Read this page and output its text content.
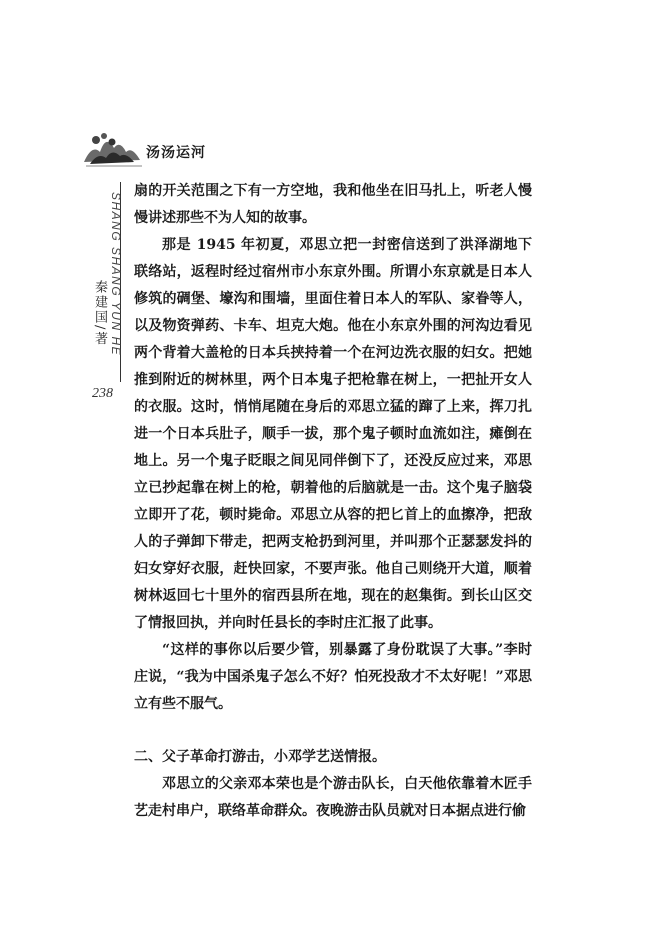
汤汤运河
SHANG SHANG YUN HE
秦建国/著
238

扇的开关范围之下有一方空地，我和他坐在旧马扎上，听老人慢慢讲述那些不为人知的故事。

那是 1945 年初夏，邓思立把一封密信送到了洪泽湖地下联络站，返程时经过宿州市小东京外围。所谓小东京就是日本人修筑的碉堡、壕沟和围墙，里面住着日本人的军队、家眷等人，以及物资弹药、卡车、坦克大炮。他在小东京外围的河沟边看见两个背着大盖枪的日本兵挟持着一个在河边洗衣服的妇女。把她推到附近的树林里，两个日本鬼子把枪靠在树上，一把扯开女人的衣服。这时，悄悄尾随在身后的邓思立猛的蹿了上来，挥刀扎进一个日本兵肚子，顺手一拔，那个鬼子顿时血流如注，瘫倒在地上。另一个鬼子眨眼之间见同伴倒下了，还没反应过来，邓思立已抄起靠在树上的枪，朝着他的后脑就是一击。这个鬼子脑袋立即开了花，顿时毙命。邓思立从容的把匕首上的血擦净，把敌人的子弹卸下带走，把两支枪扔到河里，并叫那个正瑟瑟发抖的妇女穿好衣服，赶快回家，不要声张。他自己则绕开大道，顺着树林返回七十里外的宿西县所在地，现在的赵集街。到长山区交了情报回执，并向时任县长的李时庄汇报了此事。

“这样的事你以后要少管，别暴露了身份耽误了大事。”李时庄说，“我为中国杀鬼子怎么不好？怕死投敌才不太好呢！”邓思立有些不服气。

二、父子革命打游击，小邓学艺送情报。

邓思立的父亲邓本荣也是个游击队长，白天他依靠着木匠手艺走村串户，联络革命群众。夜晚游击队员就对日本据点进行偷
